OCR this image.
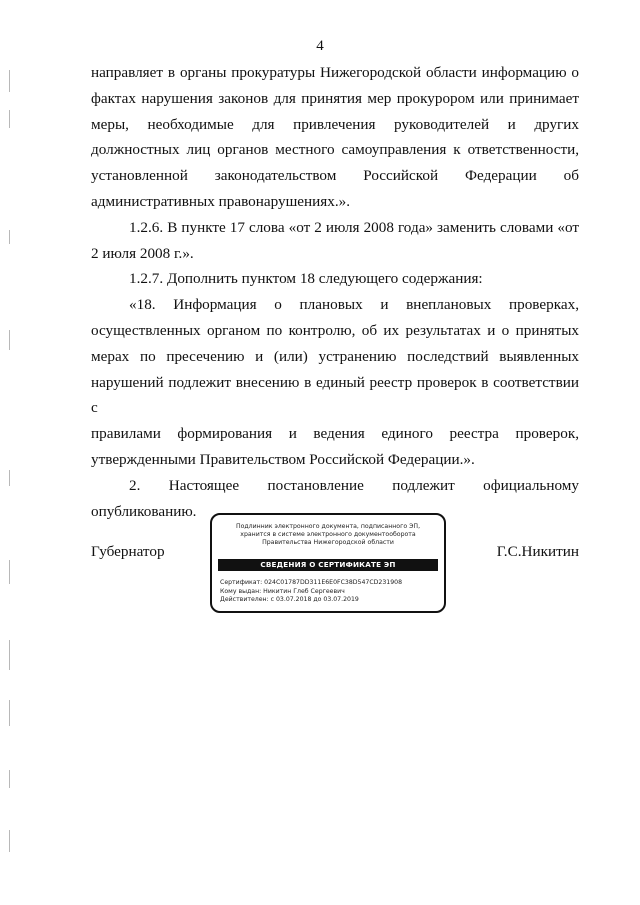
4

направляет в органы прокуратуры Нижегородской области информацию о
фактах нарушения законов для принятия мер прокурором или принимает
меры, необходимые для привлечения руководителей и других
должностных лиц органов местного самоуправления к ответственности,
установленной законодательством Российской Федерации об
административных правонарушениях.».

1.2.6. В пункте 17 слова «от 2 июля 2008 года» заменить словами «от
2 июля 2008 г.».

1.2.7. Дополнить пунктом 18 следующего содержания:

«18. Информация о плановых и внеплановых проверках,
осуществленных органом по контролю, об их результатах и о принятых
мерах по пресечению и (или) устранению последствий выявленных
нарушений подлежит внесению в единый реестр проверок в соответствии с
правилами формирования и ведения единого реестра проверок,
утвержденными Правительством Российской Федерации.».

2. Настоящее постановление подлежит официальному
опубликованию.

Губернатор	Г.С.Никитин
Подлинник электронного документа, подписанного ЭП,
хранится в системе электронного документооборота
Правительства Нижегородской области
СВЕДЕНИЯ О СЕРТИФИКАТЕ ЭП
Сертификат: 024C01787DD311E6E0FC38D547CD231908
Кому выдан: Никитин Глеб Сергеевич
Действителен: с 03.07.2018 до 03.07.2019
